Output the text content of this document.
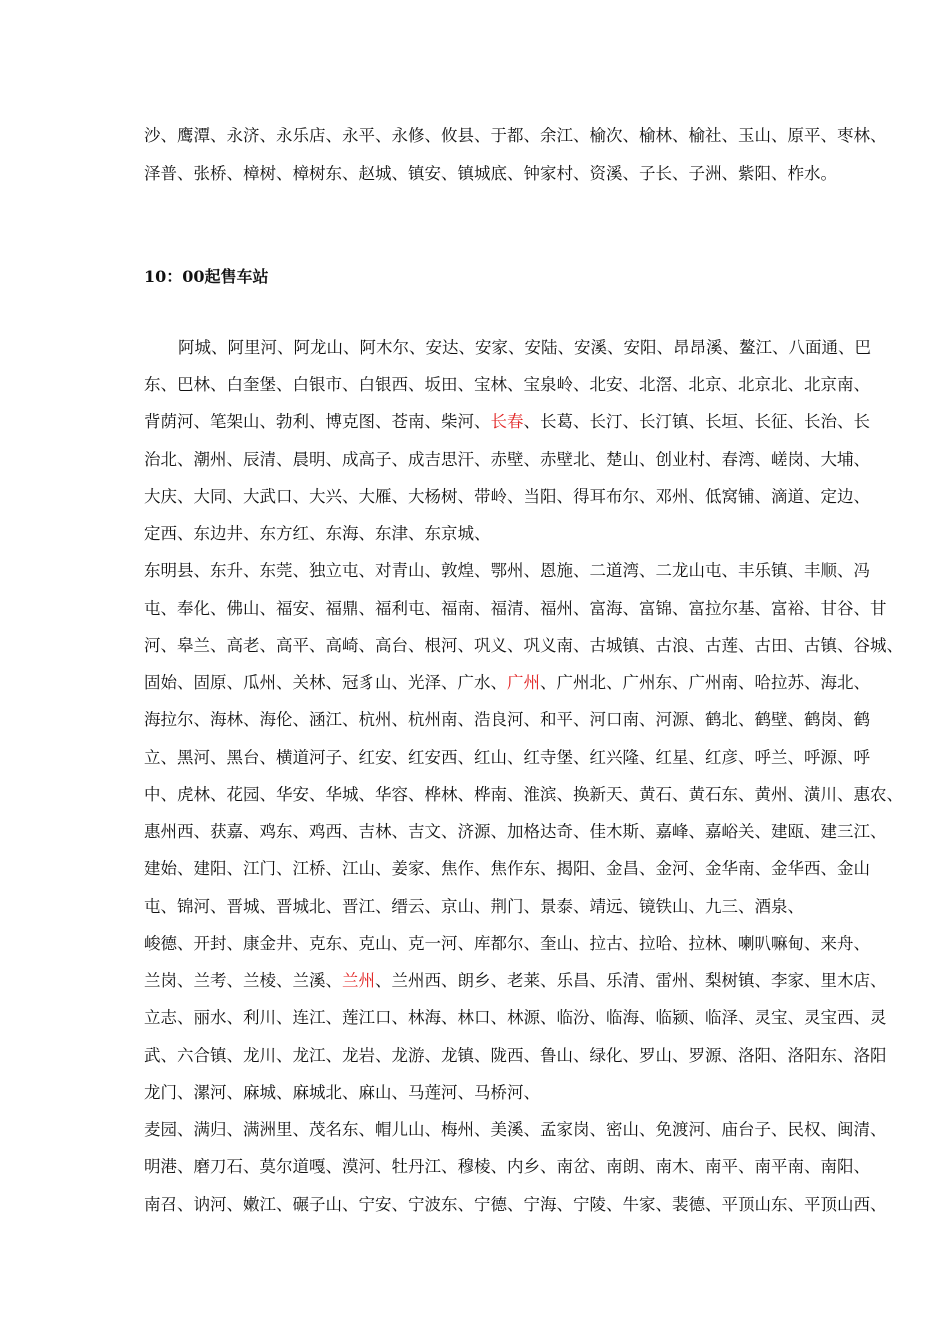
沙、鹰潭、永济、永乐店、永平、永修、攸县、于都、余江、榆次、榆林、榆社、玉山、原平、枣林、

泽普、张桥、樟树、樟树东、赵城、镇安、镇城底、钟家村、资溪、子长、子洲、紫阳、柞水。

10：00起售车站

阿城、阿里河、阿龙山、阿木尔、安达、安家、安陆、安溪、安阳、昂昂溪、鳌江、八面通、巴

东、巴林、白奎堡、白银市、白银西、坂田、宝林、宝泉岭、北安、北滘、北京、北京北、北京南、

背荫河、笔架山、勃利、博克图、苍南、柴河、长春、长葛、长汀、长汀镇、长垣、长征、长治、长

治北、潮州、辰清、晨明、成高子、成吉思汗、赤壁、赤壁北、楚山、创业村、春湾、嵯岗、大埔、

大庆、大同、大武口、大兴、大雁、大杨树、带岭、当阳、得耳布尔、邓州、低窝铺、滴道、定边、

定西、东边井、东方红、东海、东津、东京城、

东明县、东升、东莞、独立屯、对青山、敦煌、鄂州、恩施、二道湾、二龙山屯、丰乐镇、丰顺、冯

屯、奉化、佛山、福安、福鼎、福利屯、福南、福清、福州、富海、富锦、富拉尔基、富裕、甘谷、甘

河、皋兰、高老、高平、高崎、高台、根河、巩义、巩义南、古城镇、古浪、古莲、古田、古镇、谷城、

固始、固原、瓜州、关林、冠豸山、光泽、广水、广州、广州北、广州东、广州南、哈拉苏、海北、

海拉尔、海林、海伦、涵江、杭州、杭州南、浩良河、和平、河口南、河源、鹤北、鹤壁、鹤岗、鹤

立、黑河、黑台、横道河子、红安、红安西、红山、红寺堡、红兴隆、红星、红彦、呼兰、呼源、呼

中、虎林、花园、华安、华城、华容、桦林、桦南、淮滨、换新天、黄石、黄石东、黄州、潢川、惠农、

惠州西、获嘉、鸡东、鸡西、吉林、吉文、济源、加格达奇、佳木斯、嘉峰、嘉峪关、建瓯、建三江、

建始、建阳、江门、江桥、江山、姜家、焦作、焦作东、揭阳、金昌、金河、金华南、金华西、金山

屯、锦河、晋城、晋城北、晋江、缙云、京山、荆门、景泰、靖远、镜铁山、九三、酒泉、

峻德、开封、康金井、克东、克山、克一河、库都尔、奎山、拉古、拉哈、拉林、喇叭嘛甸、来舟、

兰岗、兰考、兰棱、兰溪、兰州、兰州西、朗乡、老莱、乐昌、乐清、雷州、梨树镇、李家、里木店、

立志、丽水、利川、连江、莲江口、林海、林口、林源、临汾、临海、临颍、临泽、灵宝、灵宝西、灵

武、六合镇、龙川、龙江、龙岩、龙游、龙镇、陇西、鲁山、绿化、罗山、罗源、洛阳、洛阳东、洛阳

龙门、漯河、麻城、麻城北、麻山、马莲河、马桥河、

麦园、满归、满洲里、茂名东、帽儿山、梅州、美溪、孟家岗、密山、免渡河、庙台子、民权、闽清、

明港、磨刀石、莫尔道嘎、漠河、牡丹江、穆棱、内乡、南岔、南朗、南木、南平、南平南、南阳、

南召、讷河、嫩江、碾子山、宁安、宁波东、宁德、宁海、宁陵、牛家、裴德、平顶山东、平顶山西、
